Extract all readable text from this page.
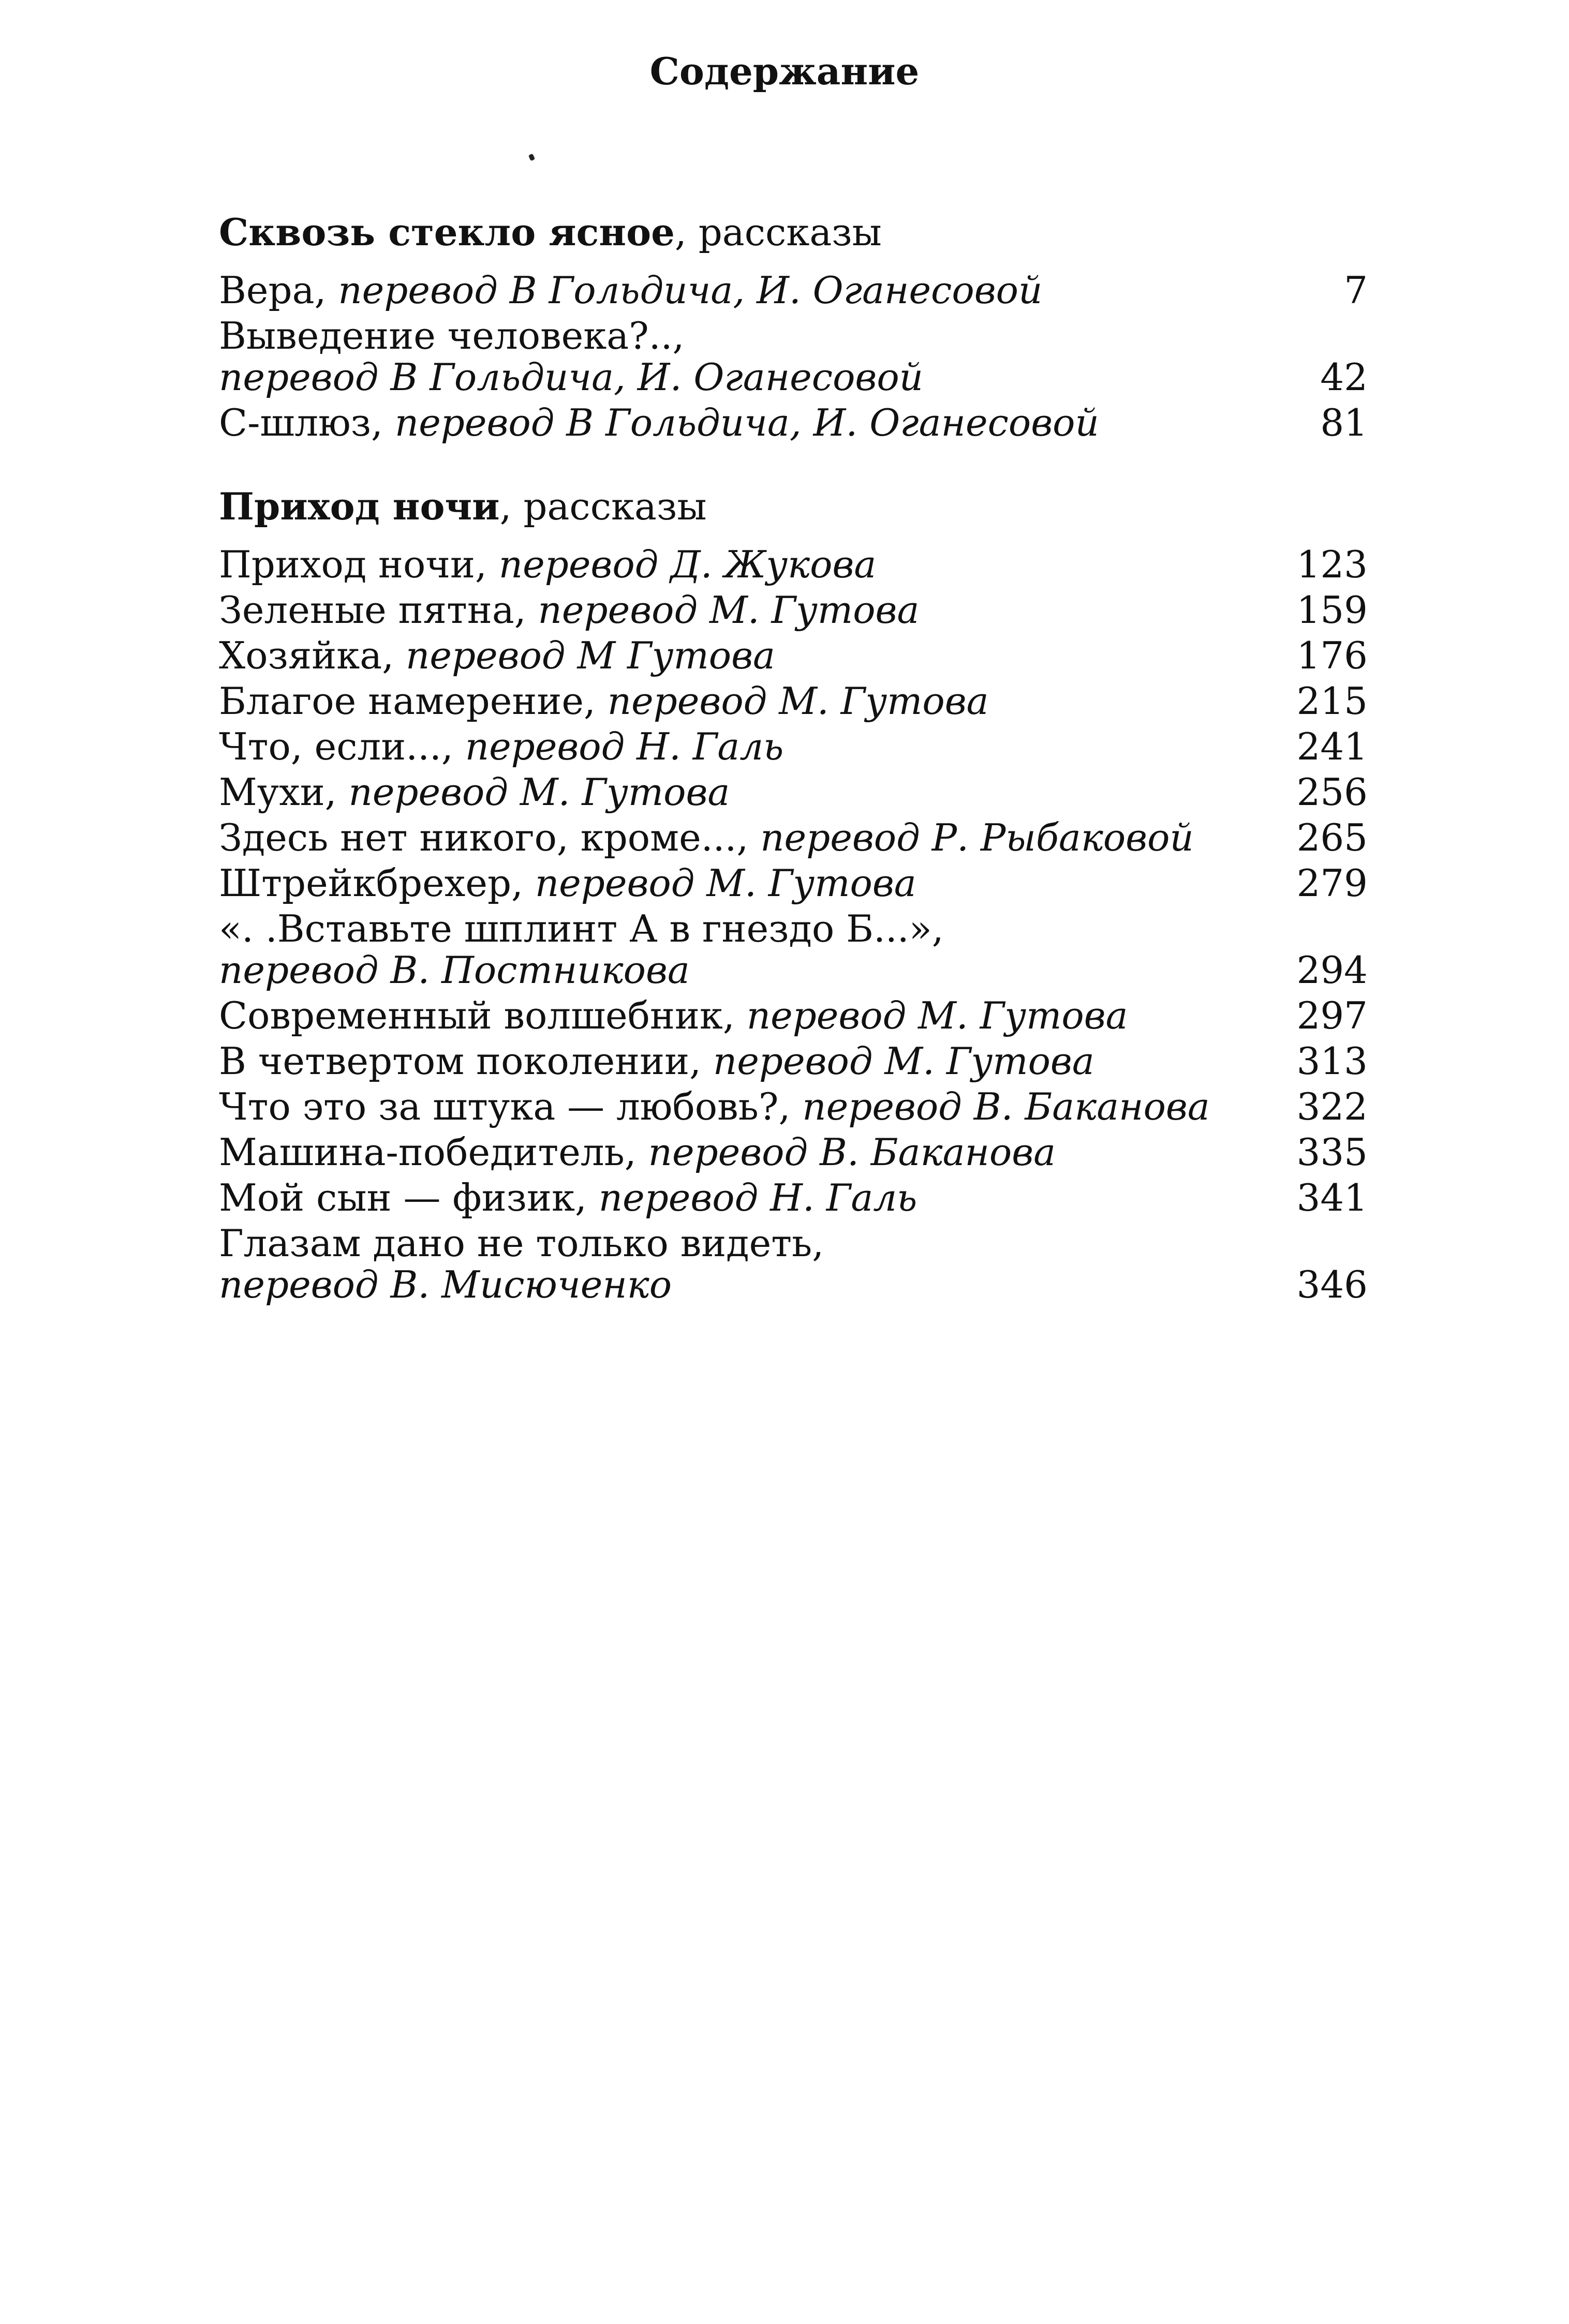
Содержание
Сквозь стекло ясное, рассказы
Вера, перевод В Гольдича, И. Оганесовой	7
Выведение человека?..,
перевод В Гольдича, И. Оганесовой	42
С-шлюз, перевод В Гольдича, И. Оганесовой	81
Приход ночи, рассказы
Приход ночи, перевод Д. Жукова	123
Зеленые пятна, перевод М. Гутова	159
Хозяйка, перевод М Гутова	176
Благое намерение, перевод М. Гутова	215
Что, если..., перевод Н. Галь	241
Мухи, перевод М. Гутова	256
Здесь нет никого, кроме..., перевод Р. Рыбаковой	265
Штрейкбрехер, перевод М. Гутова	279
«. .Вставьте шплинт А в гнездо Б...»,
перевод В. Постникова	294
Современный волшебник, перевод М. Гутова	297
В четвертом поколении, перевод М. Гутова	313
Что это за штука — любовь?, перевод В. Баканова	322
Машина-победитель, перевод В. Баканова	335
Мой сын — физик, перевод Н. Галь	341
Глазам дано не только видеть,
перевод В. Мисюченко	346
